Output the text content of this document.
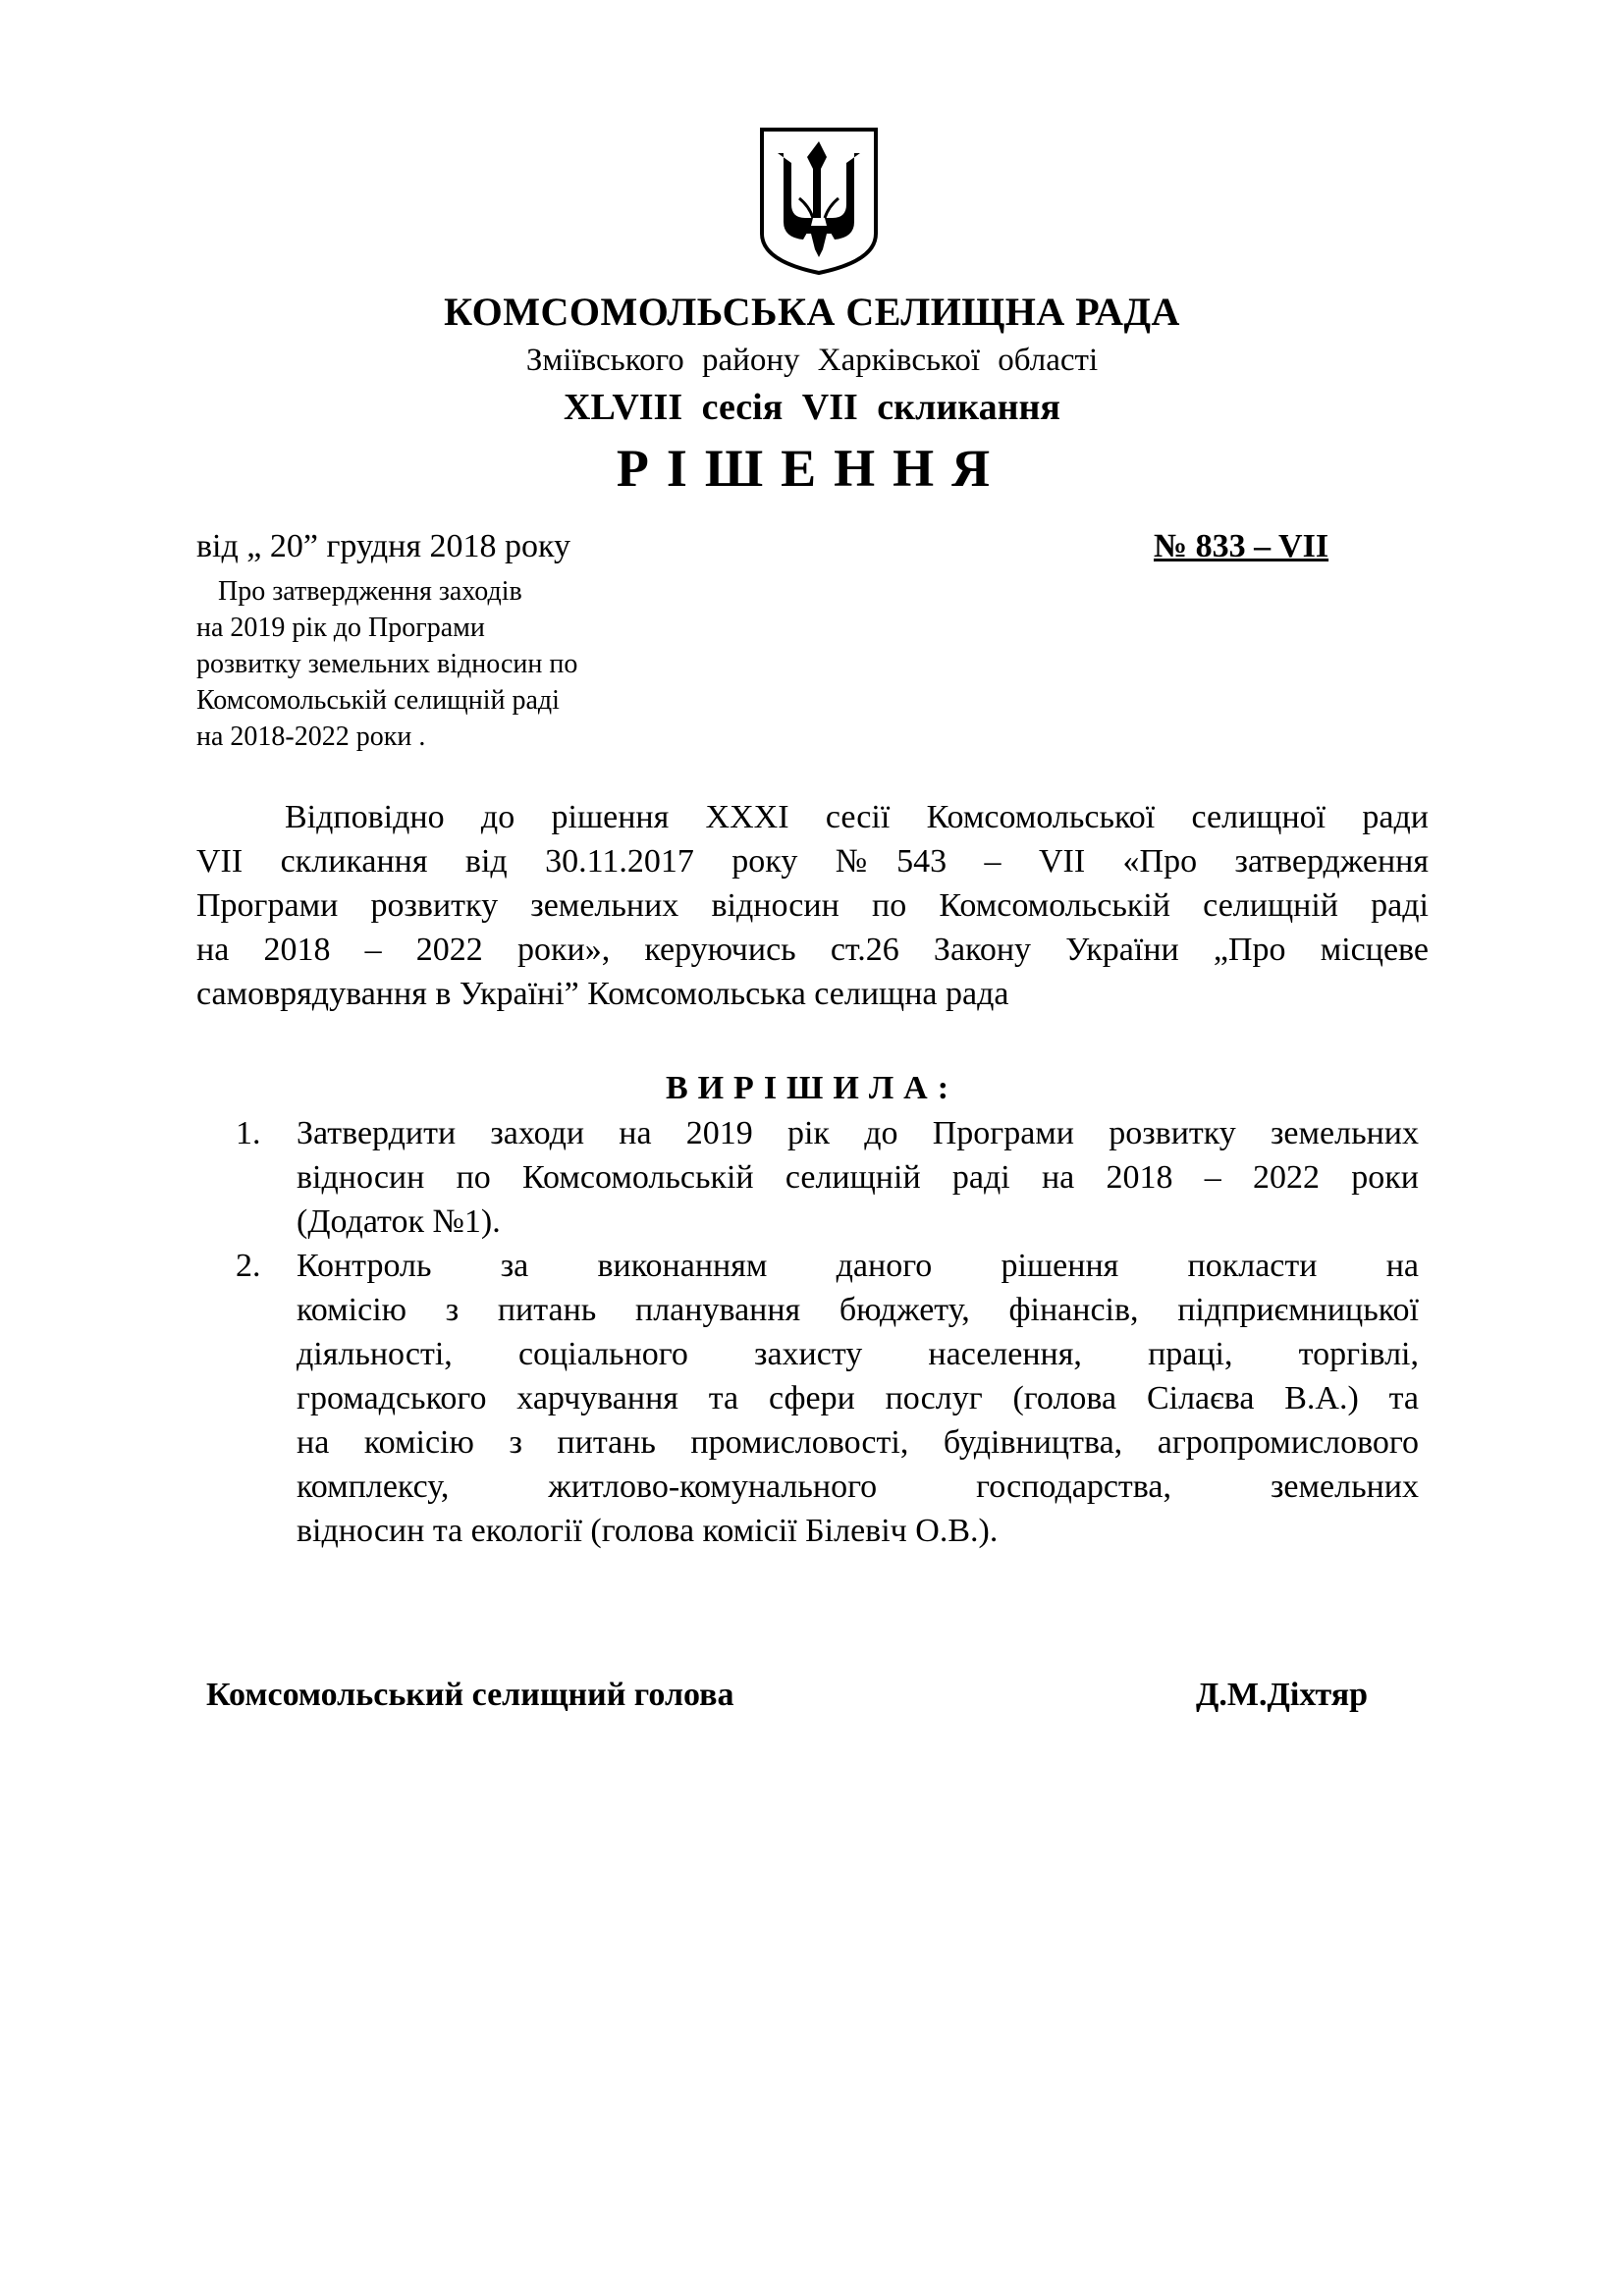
КОМСОМОЛЬСЬКА СЕЛИЩНА РАДА
Зміївського району Харківської області
XLVIII сесія VII скликання
РІШЕННЯ
від „ 20” грудня 2018 року	№ 833 – VII
Про затвердження заходів
на 2019 рік до Програми
розвитку земельних відносин по
Комсомольській селищній раді
на 2018-2022 роки .
Відповідно до рішення ХХХІ сесії Комсомольської селищної ради
VII скликання від 30.11.2017 року №543 – VII «Про затвердження
Програми розвитку земельних відносин по Комсомольській селищній раді
на 2018 – 2022 роки», керуючись ст.26 Закону України „Про місцеве
самоврядування в Україні” Комсомольська селищна рада
ВИРІШИЛА:
1. Затвердити заходи на 2019 рік до Програми розвитку земельних
відносин по Комсомольській селищній раді на 2018 – 2022 роки
(Додаток №1).
2. Контроль за виконанням даного рішення покласти на
комісію з питань планування бюджету, фінансів, підприємницької
діяльності, соціального захисту населення, праці, торгівлі,
громадського харчування та сфери послуг (голова Сілаєва В.А.) та
на комісію з питань промисловості, будівництва, агропромислового
комплексу, житлово-комунального господарства, земельних
відносин та екології (голова комісії Білевіч О.В.).
Комсомольський селищний голова	Д.М.Діхтяр
